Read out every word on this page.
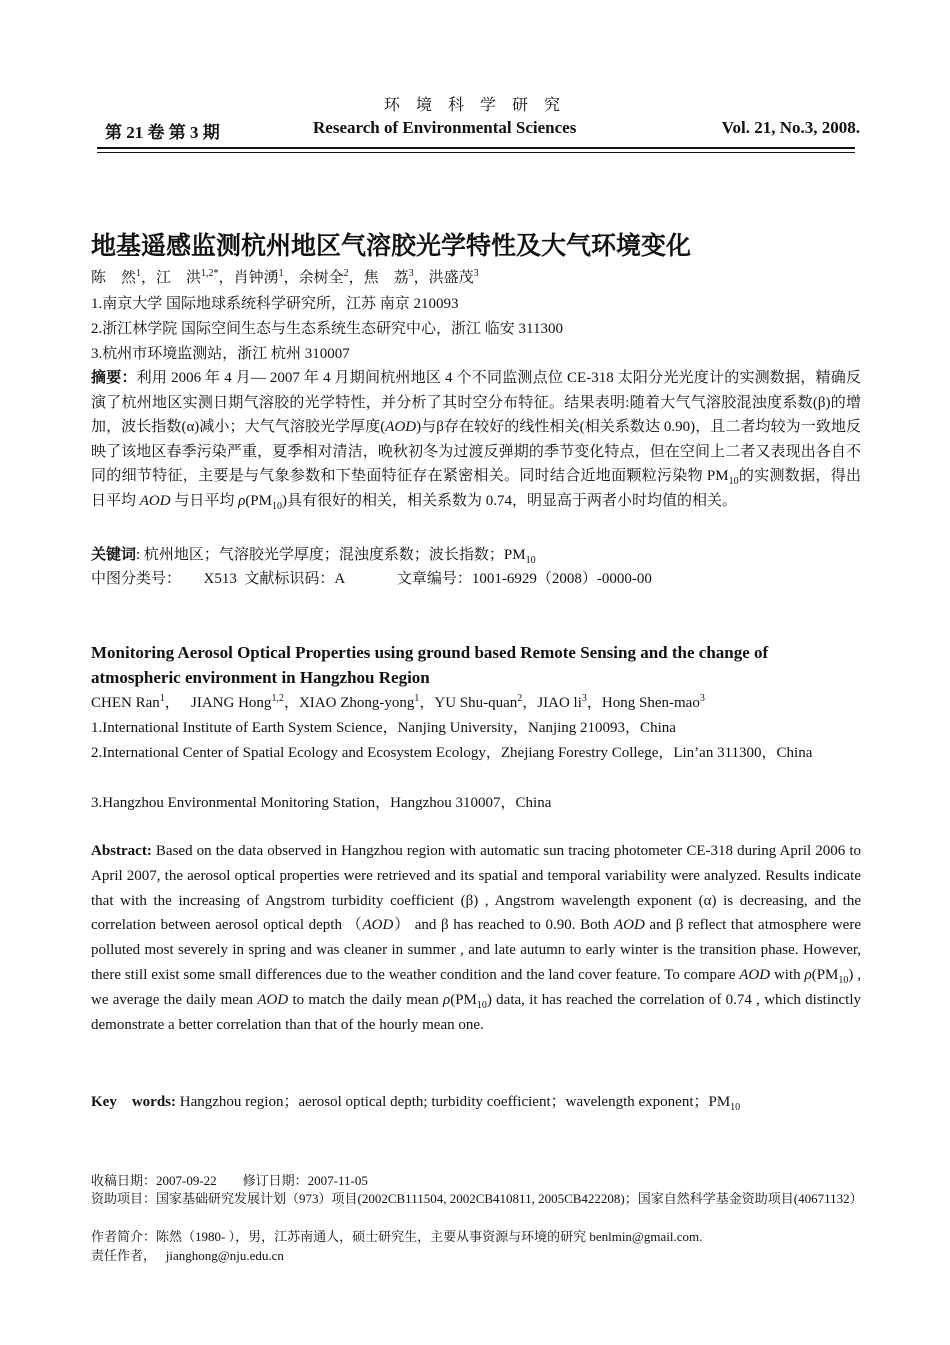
环 境 科 学 研 究
第 21 卷 第 3 期	Research of Environmental Sciences	Vol. 21, No.3, 2008.
地基遥感监测杭州地区气溶胶光学特性及大气环境变化
陈　然$^1$，江　洪$^{1,2*}$，肖钟湧$^1$，余树全$^2$，焦　荔$^3$，洪盛茂$^3$
1.南京大学 国际地球系统科学研究所，江苏 南京 210093
2.浙江林学院 国际空间生态与生态系统生态研究中心，浙江 临安 311300
3.杭州市环境监测站，浙江 杭州 310007
摘要：利用 2006 年 4 月— 2007 年 4 月期间杭州地区 4 个不同监测点位 CE-318 太阳分光光度计的实测数据，精确反演了杭州地区实测日期气溶胶的光学特性，并分析了其时空分布特征。结果表明:随着大气气溶胶混浊度系数(β)的增加，波长指数(α)减小；大气气溶胶光学厚度(AOD)与β存在较好的线性相关(相关系数达 0.90)，且二者均较为一致地反映了该地区春季污染严重，夏季相对清洁，晚秋初冬为过渡反弹期的季节变化特点，但在空间上二者又表现出各自不同的细节特征，主要是与气象参数和下垫面特征存在紧密相关。同时结合近地面颗粒污染物 $PM_{10}$的实测数据，得出日平均 AOD 与日平均 $\rho(PM_{10})$具有很好的相关，相关系数为 0.74，明显高于两者小时均值的相关。
关键词: 杭州地区；气溶胶光学厚度；混浊度系数；波长指数；$PM_{10}$
中图分类号：      X513  文献标识码：A              文章编号：1001-6929（2008）-0000-00
Monitoring Aerosol Optical Properties using ground based Remote Sensing and the change of atmospheric environment in Hangzhou Region
CHEN Ran$^1$，   JIANG Hong$^{1,2}$，XIAO Zhong-yong$^1$，YU Shu-quan$^2$，JIAO $li^3$，Hong Shen-mao$^3$
1.International Institute of Earth System Science，Nanjing University，Nanjing 210093，China
2.International Center of Spatial Ecology and Ecosystem Ecology，Zhejiang Forestry College，Lin’an 311300，China
3.Hangzhou Environmental Monitoring Station，Hangzhou 310007，China
Abstract: Based on the data observed in Hangzhou region with automatic sun tracing photometer CE-318 during April 2006 to April 2007, the aerosol optical properties were retrieved and its spatial and temporal variability were analyzed. Results indicate that with the increasing of Angstrom turbidity coefficient (β) , Angstrom wavelength exponent (α) is decreasing, and the correlation between aerosol optical depth （AOD） and β has reached to 0.90. Both AOD and β reflect that atmosphere were polluted most severely in spring and was cleaner in summer , and late autumn to early winter is the transition phase. However, there still exist some small differences due to the weather condition and the land cover feature. To compare AOD with $\rho(PM_{10})$ , we average the daily mean AOD to match the daily mean $\rho(PM_{10})$ data, it has reached the correlation of 0.74 , which distinctly demonstrate a better correlation than that of the hourly mean one.
Key    words: Hangzhou region；aerosol optical depth; turbidity coefficient；wavelength exponent；$PM_{10}$
收稿日期：2007-09-22        修订日期：2007-11-05
资助项目：国家基础研究发展计划（973）项目(2002CB111504, 2002CB410811, 2005CB422208)；国家自然科学基金资助项目(40671132）
作者简介：陈然（1980- ），男，江苏南通人，硕士研究生，主要从事资源与环境的研究 benlmin@gmail.com.
责任作者，   jianghong@nju.edu.cn
